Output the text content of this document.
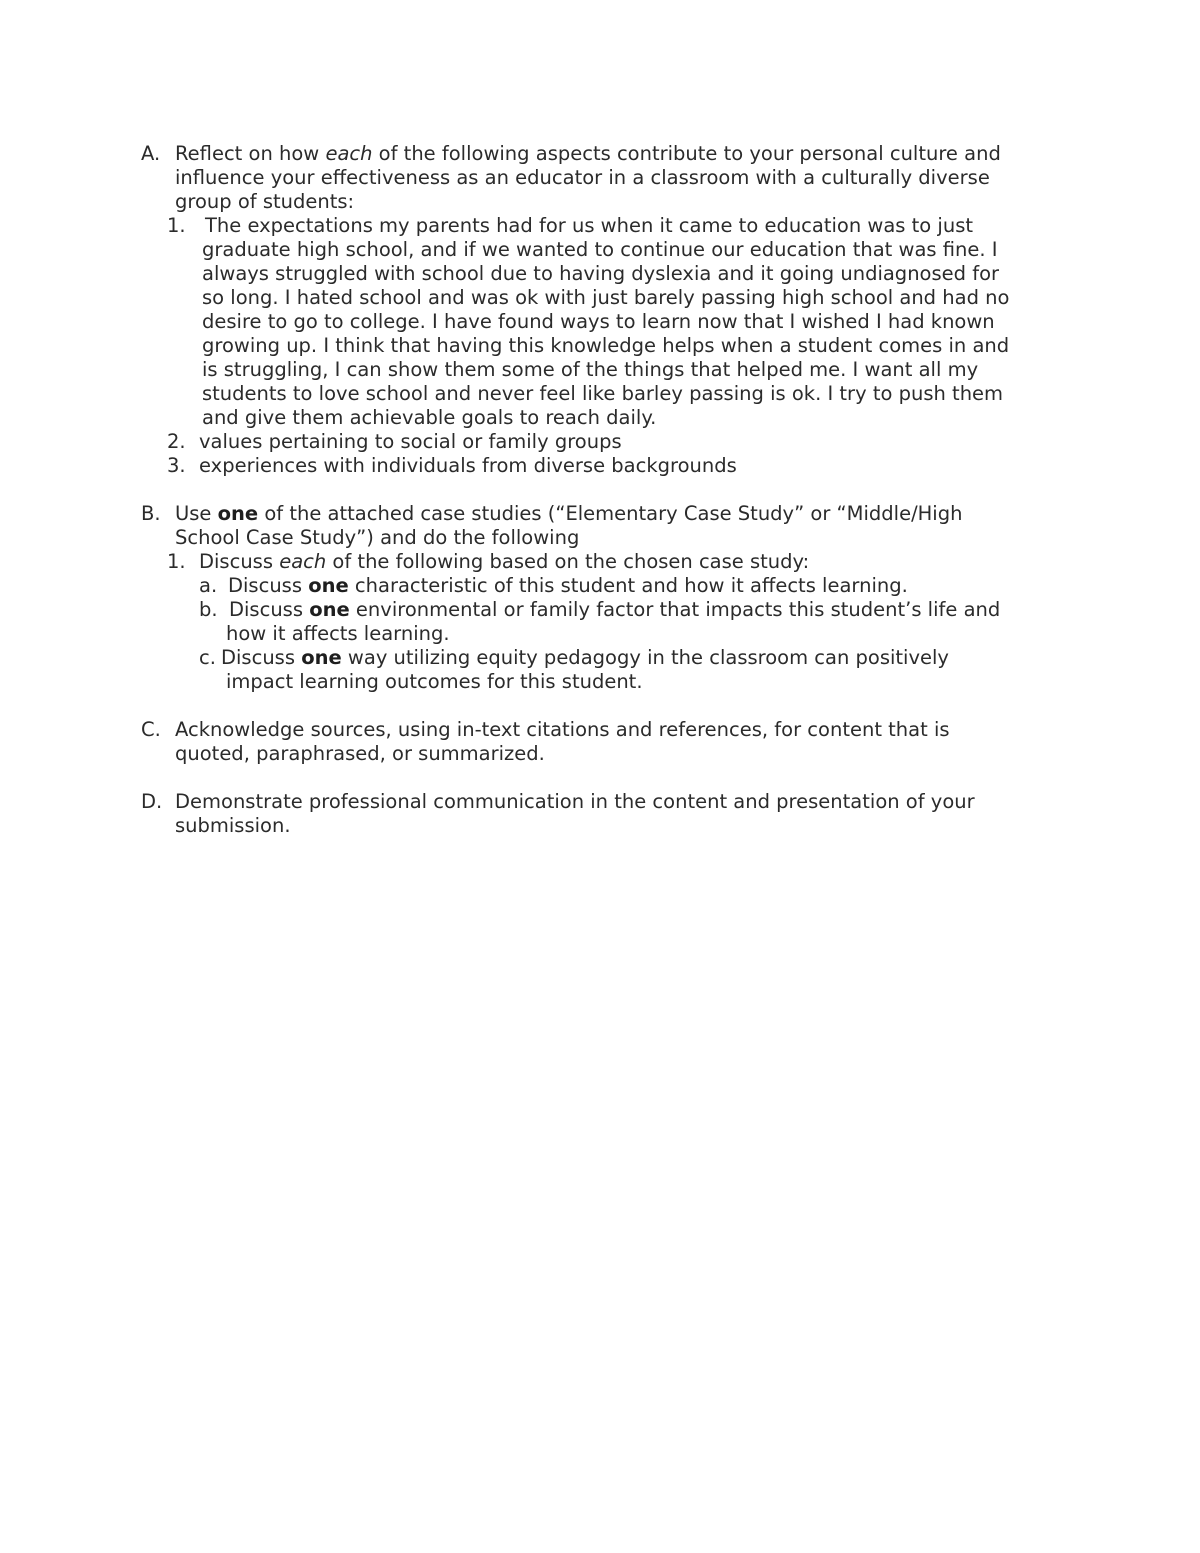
A. Reflect on how each of the following aspects contribute to your personal culture and

influence your effectiveness as an educator in a classroom with a culturally diverse

group of students:

1. The expectations my parents had for us when it came to education was to just

graduate high school, and if we wanted to continue our education that was fine. I

always struggled with school due to having dyslexia and it going undiagnosed for

so long. I hated school and was ok with just barely passing high school and had no

desire to go to college. I have found ways to learn now that I wished I had known

growing up. I think that having this knowledge helps when a student comes in and

is struggling, I can show them some of the things that helped me. I want all my

students to love school and never feel like barley passing is ok. I try to push them

and give them achievable goals to reach daily.

2. values pertaining to social or family groups

3. experiences with individuals from diverse backgrounds

B. Use one of the attached case studies (“Elementary Case Study” or “Middle/High

School Case Study”) and do the following

1. Discuss each of the following based on the chosen case study:

a. Discuss one characteristic of this student and how it affects learning.

b. Discuss one environmental or family factor that impacts this student’s life and

how it affects learning.

c. Discuss one way utilizing equity pedagogy in the classroom can positively

impact learning outcomes for this student.

C. Acknowledge sources, using in-text citations and references, for content that is

quoted, paraphrased, or summarized.

D. Demonstrate professional communication in the content and presentation of your

submission.
